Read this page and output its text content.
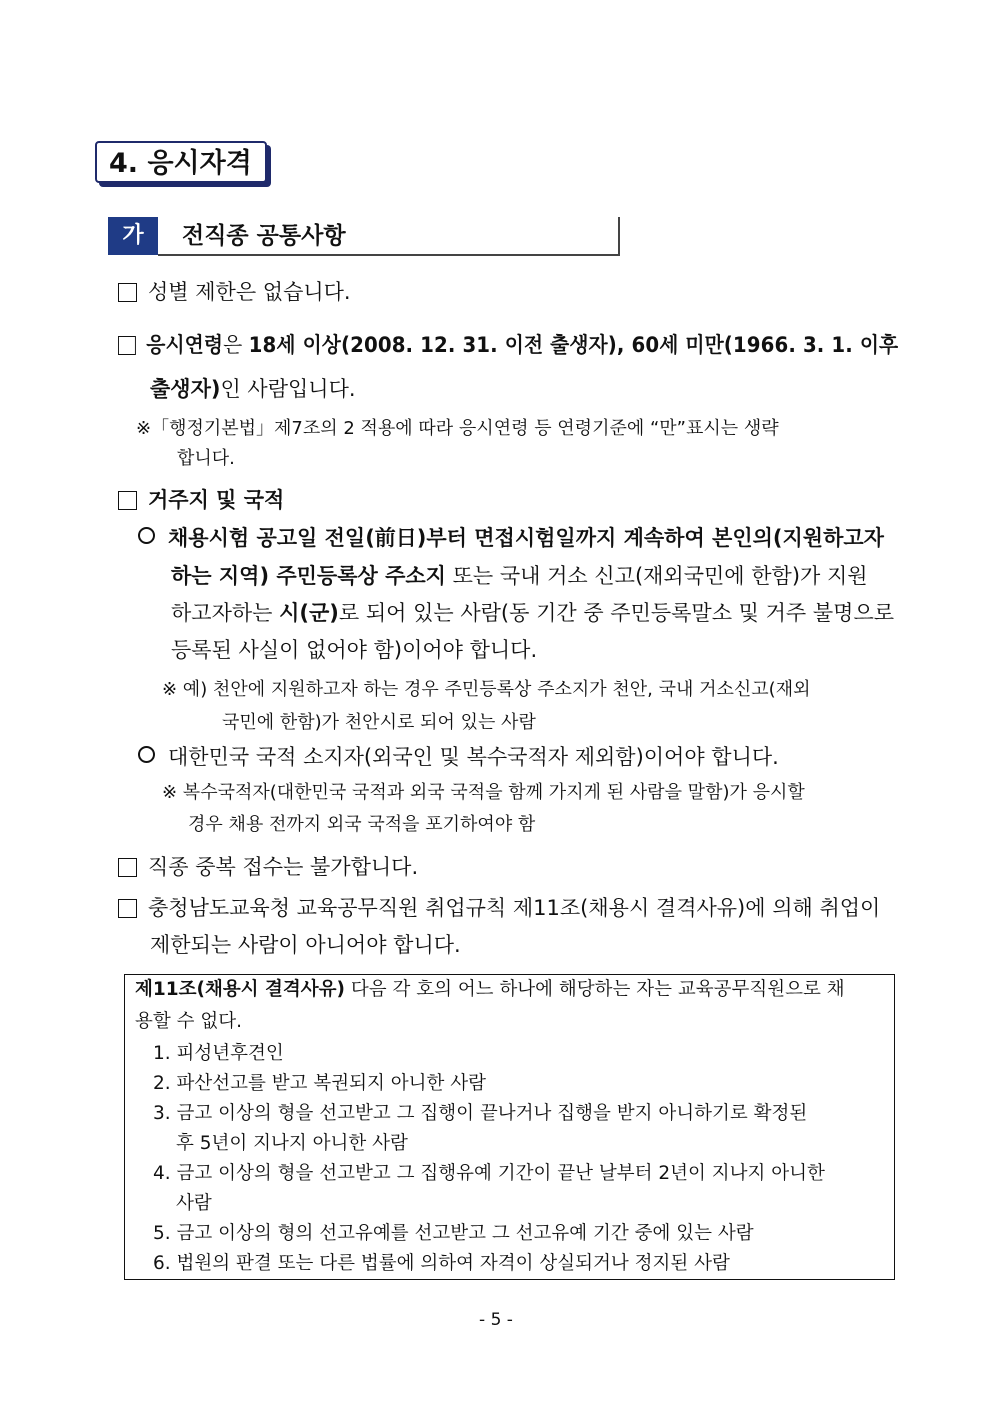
4. 응시자격
가	전직종 공통사항
성별 제한은 없습니다.
응시연령은 18세 이상(2008. 12. 31. 이전 출생자), 60세 미만(1966. 3. 1. 이후
출생자)인 사람입니다.
※「행정기본법」제7조의 2 적용에 따라 응시연령 등 연령기준에 “만”표시는 생략
합니다.
거주지 및 국적
채용시험 공고일 전일(前日)부터 면접시험일까지 계속하여 본인의(지원하고자
하는 지역) 주민등록상 주소지 또는 국내 거소 신고(재외국민에 한함)가 지원
하고자하는 시(군)로 되어 있는 사람(동 기간 중 주민등록말소 및 거주 불명으로
등록된 사실이 없어야 함)이어야 합니다.
※ 예) 천안에 지원하고자 하는 경우 주민등록상 주소지가 천안, 국내 거소신고(재외
국민에 한함)가 천안시로 되어 있는 사람
대한민국 국적 소지자(외국인 및 복수국적자 제외함)이어야 합니다.
※ 복수국적자(대한민국 국적과 외국 국적을 함께 가지게 된 사람을 말함)가 응시할
경우 채용 전까지 외국 국적을 포기하여야 함
직종 중복 접수는 불가합니다.
충청남도교육청 교육공무직원 취업규칙 제11조(채용시 결격사유)에 의해 취업이
제한되는 사람이 아니어야 합니다.
제11조(채용시 결격사유) 다음 각 호의 어느 하나에 해당하는 자는 교육공무직원으로 채
용할 수 없다.
1. 피성년후견인
2. 파산선고를 받고 복권되지 아니한 사람
3. 금고 이상의 형을 선고받고 그 집행이 끝나거나 집행을 받지 아니하기로 확정된
후 5년이 지나지 아니한 사람
4. 금고 이상의 형을 선고받고 그 집행유예 기간이 끝난 날부터 2년이 지나지 아니한
사람
5. 금고 이상의 형의 선고유예를 선고받고 그 선고유예 기간 중에 있는 사람
6. 법원의 판결 또는 다른 법률에 의하여 자격이 상실되거나 정지된 사람
- 5 -
